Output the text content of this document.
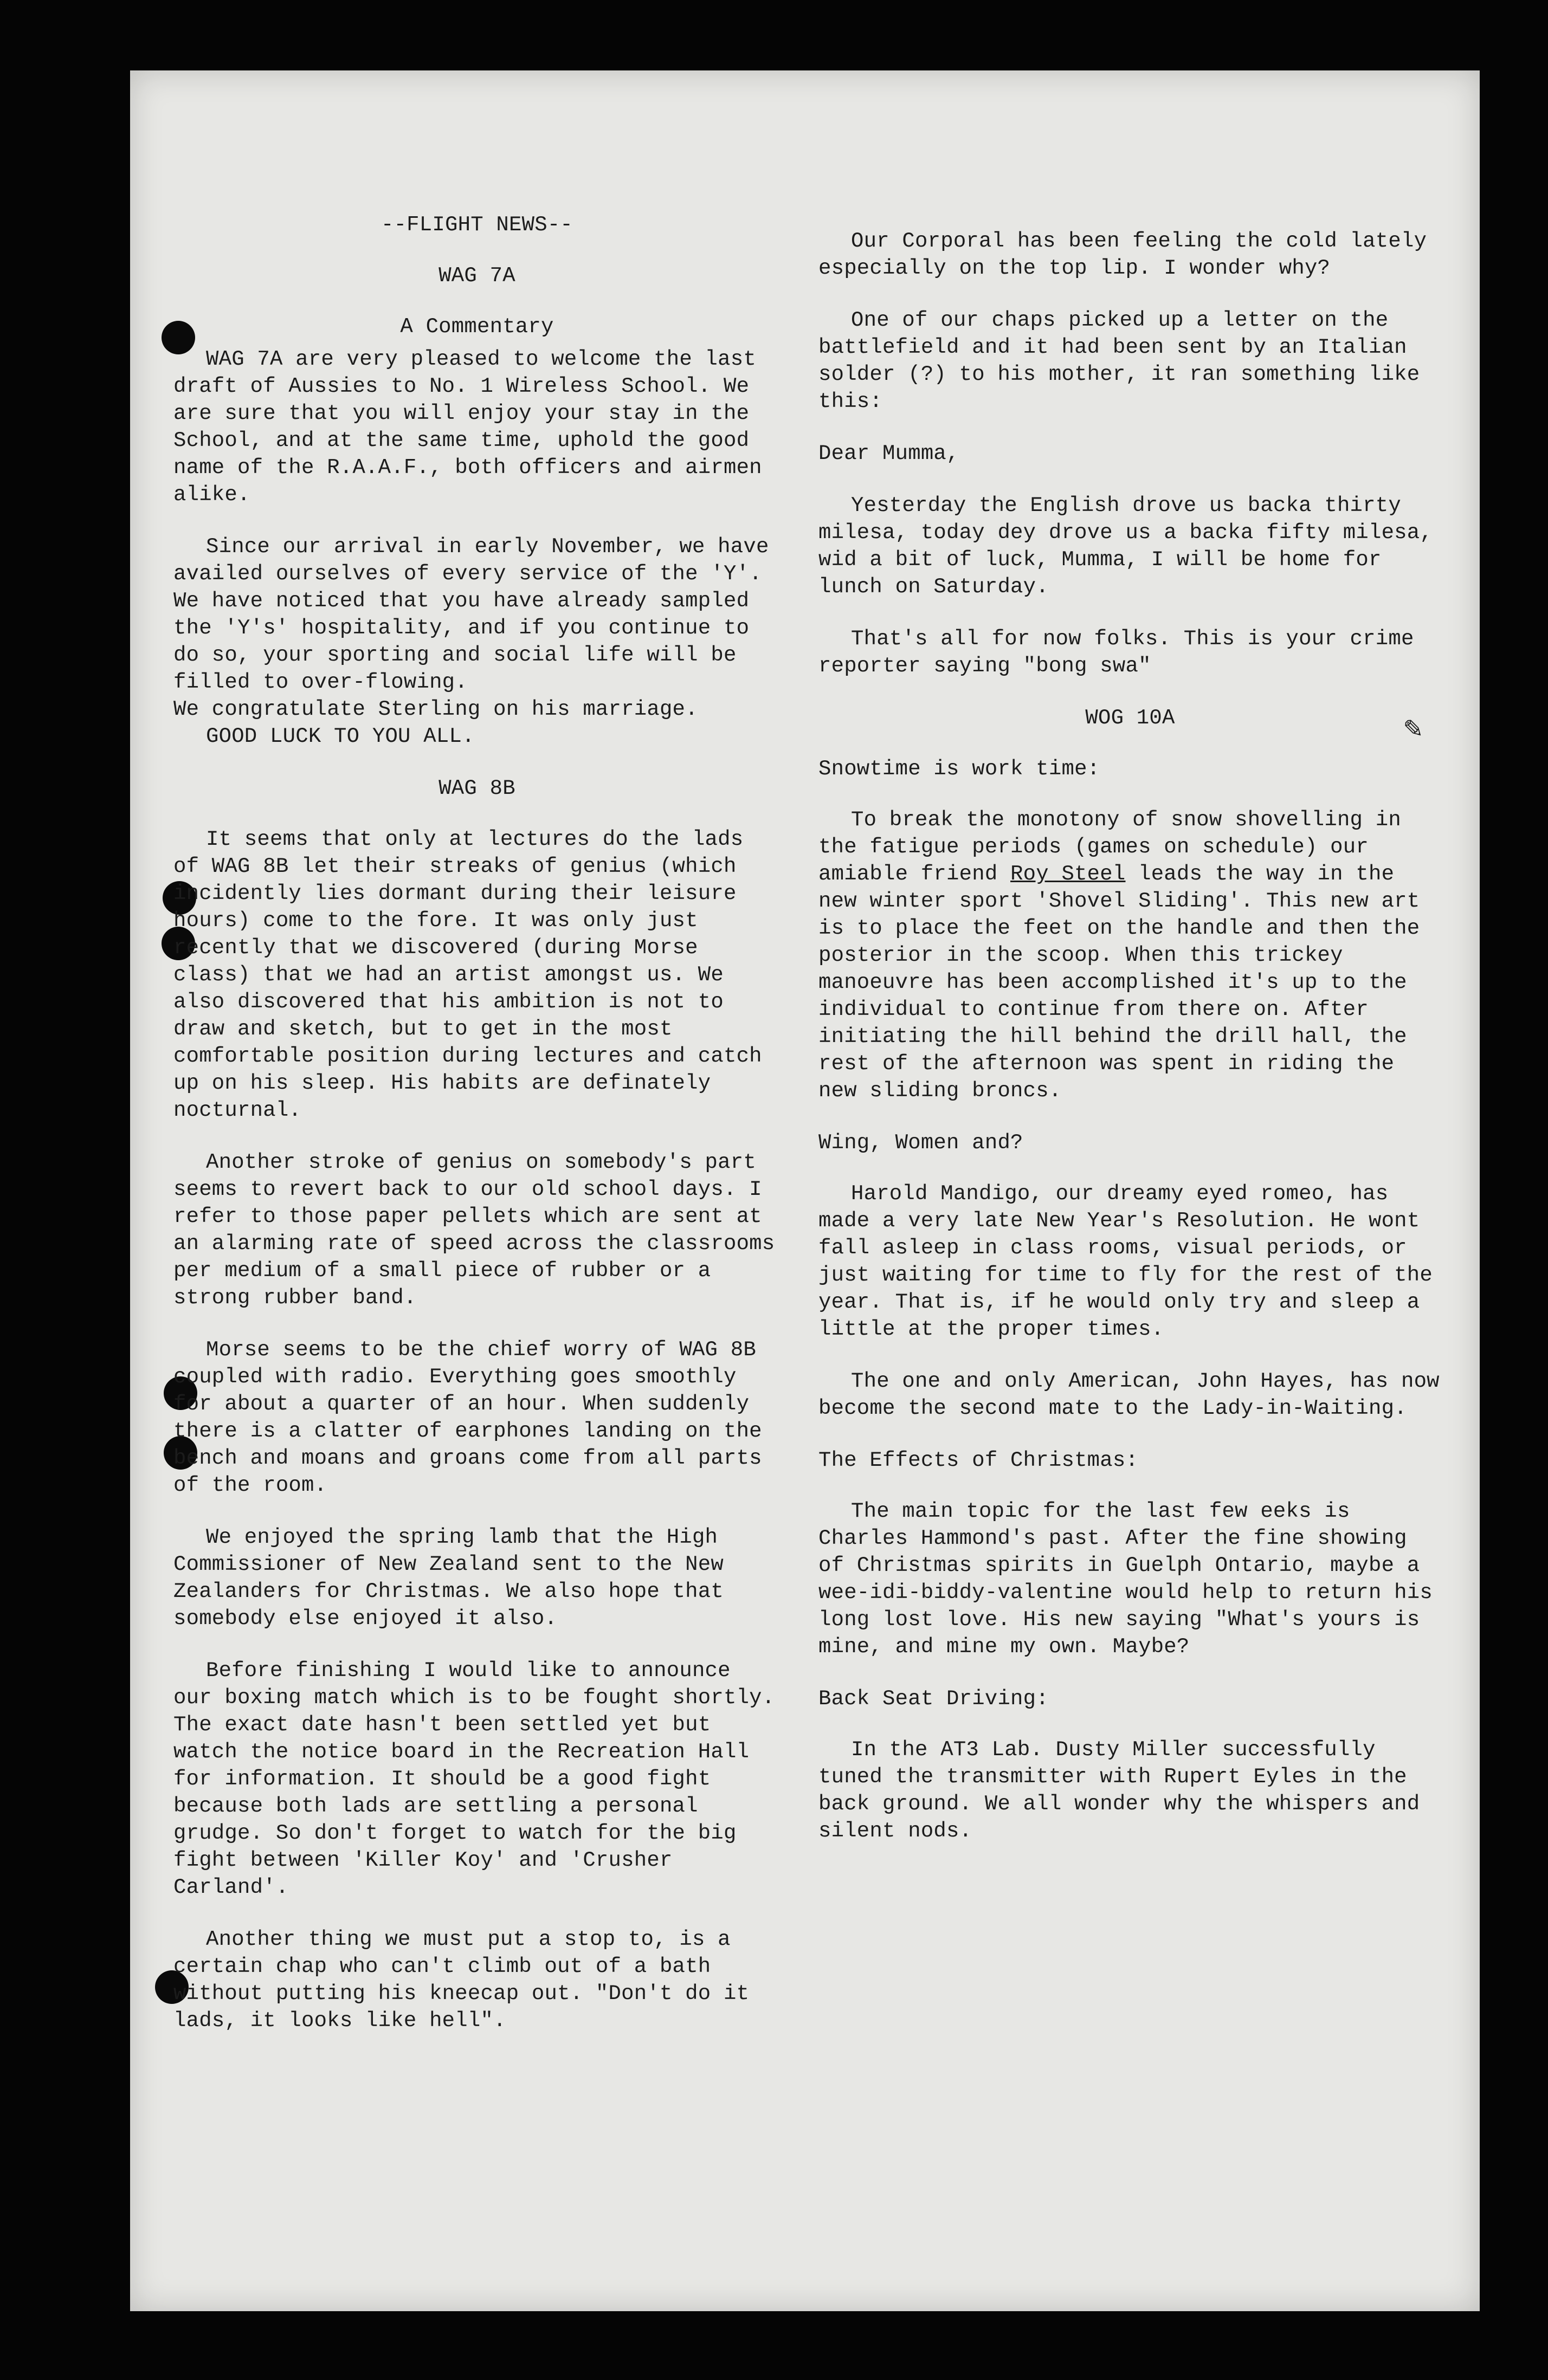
✎
--FLIGHT NEWS--
WAG 7A
A Commentary

WAG 7A are very pleased to welcome the last draft of Aussies to No. 1 Wireless School. We are sure that you will enjoy your stay in the School, and at the same time, uphold the good name of the R.A.A.F., both officers and airmen alike.

Since our arrival in early November, we have availed ourselves of every service of the 'Y'. We have noticed that you have already sampled the 'Y's' hospitality, and if you continue to do so, your sporting and social life will be filled to over-flowing.

We congratulate Sterling on his marriage.

GOOD LUCK TO YOU ALL.

WAG 8B

It seems that only at lectures do the lads of WAG 8B let their streaks of genius (which incidently lies dormant during their leisure hours) come to the fore. It was only just recently that we discovered (during Morse class) that we had an artist amongst us. We also discovered that his ambition is not to draw and sketch, but to get in the most comfortable position during lectures and catch up on his sleep. His habits are definately nocturnal.

Another stroke of genius on somebody's part seems to revert back to our old school days. I refer to those paper pellets which are sent at an alarming rate of speed across the classrooms per medium of a small piece of rubber or a strong rubber band.

Morse seems to be the chief worry of WAG 8B coupled with radio. Everything goes smoothly for about a quarter of an hour. When suddenly there is a clatter of earphones landing on the bench and moans and groans come from all parts of the room.

We enjoyed the spring lamb that the High Commissioner of New Zealand sent to the New Zealanders for Christmas. We also hope that somebody else enjoyed it also.

Before finishing I would like to announce our boxing match which is to be fought shortly. The exact date hasn't been settled yet but watch the notice board in the Recreation Hall for information. It should be a good fight because both lads are settling a personal grudge. So don't forget to watch for the big fight between 'Killer Koy' and 'Crusher Carland'.

Another thing we must put a stop to, is a certain chap who can't climb out of a bath without putting his kneecap out. "Don't do it lads, it looks like hell".

Our Corporal has been feeling the cold lately especially on the top lip. I wonder why?

One of our chaps picked up a letter on the battlefield and it had been sent by an Italian solder (?) to his mother, it ran something like this:

Dear Mumma,

Yesterday the English drove us backa thirty milesa, today dey drove us a backa fifty milesa, wid a bit of luck, Mumma, I will be home for lunch on Saturday.

That's all for now folks. This is your crime reporter saying "bong swa"

WOG 10A
Snowtime is work time:

To break the monotony of snow shovelling in the fatigue periods (games on schedule) our amiable friend Roy Steel leads the way in the new winter sport 'Shovel Sliding'. This new art is to place the feet on the handle and then the posterior in the scoop. When this trickey manoeuvre has been accomplished it's up to the individual to continue from there on. After initiating the hill behind the drill hall, the rest of the afternoon was spent in riding the new sliding broncs.

Wing, Women and?

Harold Mandigo, our dreamy eyed romeo, has made a very late New Year's Resolution. He wont fall asleep in class rooms, visual periods, or just waiting for time to fly for the rest of the year. That is, if he would only try and sleep a little at the proper times.

The one and only American, John Hayes, has now become the second mate to the Lady-in-Waiting.

The Effects of Christmas:

The main topic for the last few eeks is Charles Hammond's past. After the fine showing of Christmas spirits in Guelph Ontario, maybe a wee-idi-biddy-valentine would help to return his long lost love. His new saying "What's yours is mine, and mine my own. Maybe?

Back Seat Driving:

In the AT3 Lab. Dusty Miller successfully tuned the transmitter with Rupert Eyles in the back ground. We all wonder why the whispers and silent nods.
